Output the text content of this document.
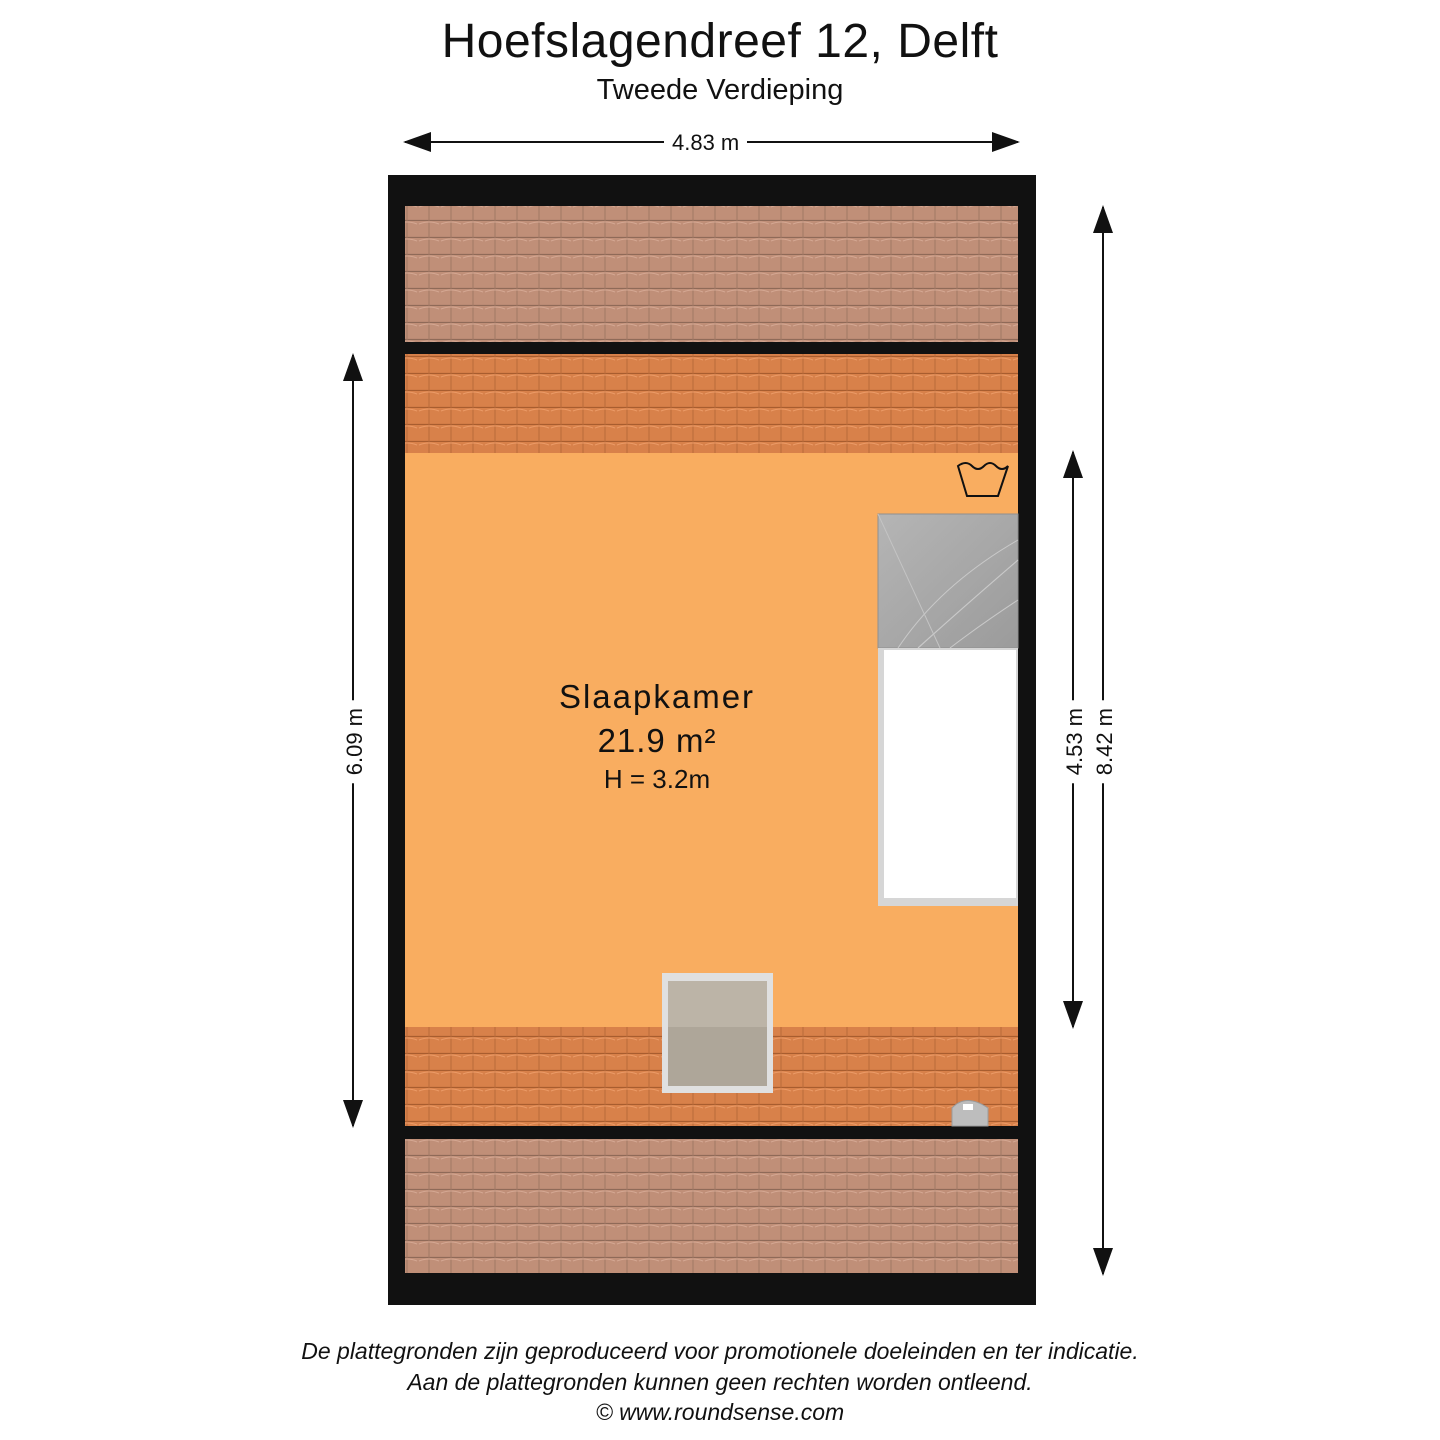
Hoefslagendreef 12, Delft
Tweede Verdieping
4.83 m
6.09 m	4.53 m 8.42 m
Slaapkamer
21.9 m²
H = 3.2m
De plattegronden zijn geproduceerd voor promotionele doeleinden en ter indicatie.
Aan de plattegronden kunnen geen rechten worden ontleend.
© www.roundsense.com
